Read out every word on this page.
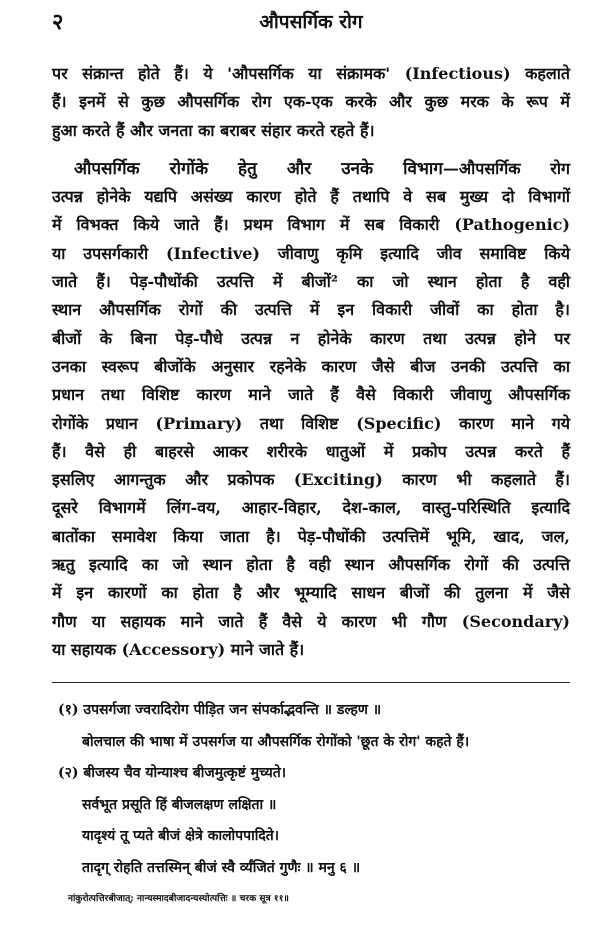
२	औपसर्गिक रोग

पर संक्रान्त होते हैं। ये 'औपसर्गिक या संक्रामक' (Infectious) कहलाते
हैं। इनमें से कुछ औपसर्गिक रोग एक-एक करके और कुछ मरक के रूप में
हुआ करते हैं और जनता का बराबर संहार करते रहते हैं।

औपसर्गिक रोगोंके हेतु और उनके विभाग—औपसर्गिक रोग
उत्पन्न होनेके यद्यपि असंख्य कारण होते हैं तथापि वे सब मुख्य दो विभागों
में विभक्त किये जाते हैं। प्रथम विभाग में सब विकारी (Pathogenic)
या उपसर्गकारी (Infective) जीवाणु कृमि इत्यादि जीव समाविष्ट किये
जाते हैं। पेड़-पौधोंकी उत्पत्ति में बीजों² का जो स्थान होता है वही
स्थान औपसर्गिक रोगों की उत्पत्ति में इन विकारी जीवों का होता है।
बीजों के बिना पेड़-पौधे उत्पन्न न होनेके कारण तथा उत्पन्न होने पर
उनका स्वरूप बीजोंके अनुसार रहनेके कारण जैसे बीज उनकी उत्पत्ति का
प्रधान तथा विशिष्ट कारण माने जाते हैं वैसे विकारी जीवाणु औपसर्गिक
रोगोंके प्रधान (Primary) तथा विशिष्ट (Specific) कारण माने गये
हैं। वैसे ही बाहरसे आकर शरीरके धातुओं में प्रकोप उत्पन्न करते हैं
इसलिए आगन्तुक और प्रकोपक (Exciting) कारण भी कहलाते हैं।
दूसरे विभागमें लिंग-वय, आहार-विहार, देश-काल, वास्तु-परिस्थिति इत्यादि
बातोंका समावेश किया जाता है। पेड़-पौधोंकी उत्पत्तिमें भूमि, खाद, जल,
ऋतु इत्यादि का जो स्थान होता है वही स्थान औपसर्गिक रोगों की उत्पत्ति
में इन कारणों का होता है और भूम्यादि साधन बीजों की तुलना में जैसे
गौण या सहायक माने जाते हैं वैसे ये कारण भी गौण (Secondary)
या सहायक (Accessory) माने जाते हैं।

(१) उपसर्गजा ज्वरादिरोग पीड़ित जन संपर्काद्भवन्ति ॥ डल्हण ॥
बोलचाल की भाषा में उपसर्गज या औपसर्गिक रोगोंको 'छूत के रोग' कहते हैं।
(२) बीजस्य चैव योन्याश्च बीजमुत्कृष्टं मुच्यते।
सर्वभूत प्रसूति हिं बीजलक्षण लक्षिता ॥
यादृश्यं तू प्यते बीजं क्षेत्रे कालोपपादिते।
तादृग् रोहति तत्तस्मिन् बीजं स्वै र्व्यंजितं गुणैः ॥ मनु ६ ॥
नांकुरोत्पत्तिरबीजात्; नान्यस्मादबीजादन्यस्योत्पत्तिः ॥ चरक सूत्र ११॥
